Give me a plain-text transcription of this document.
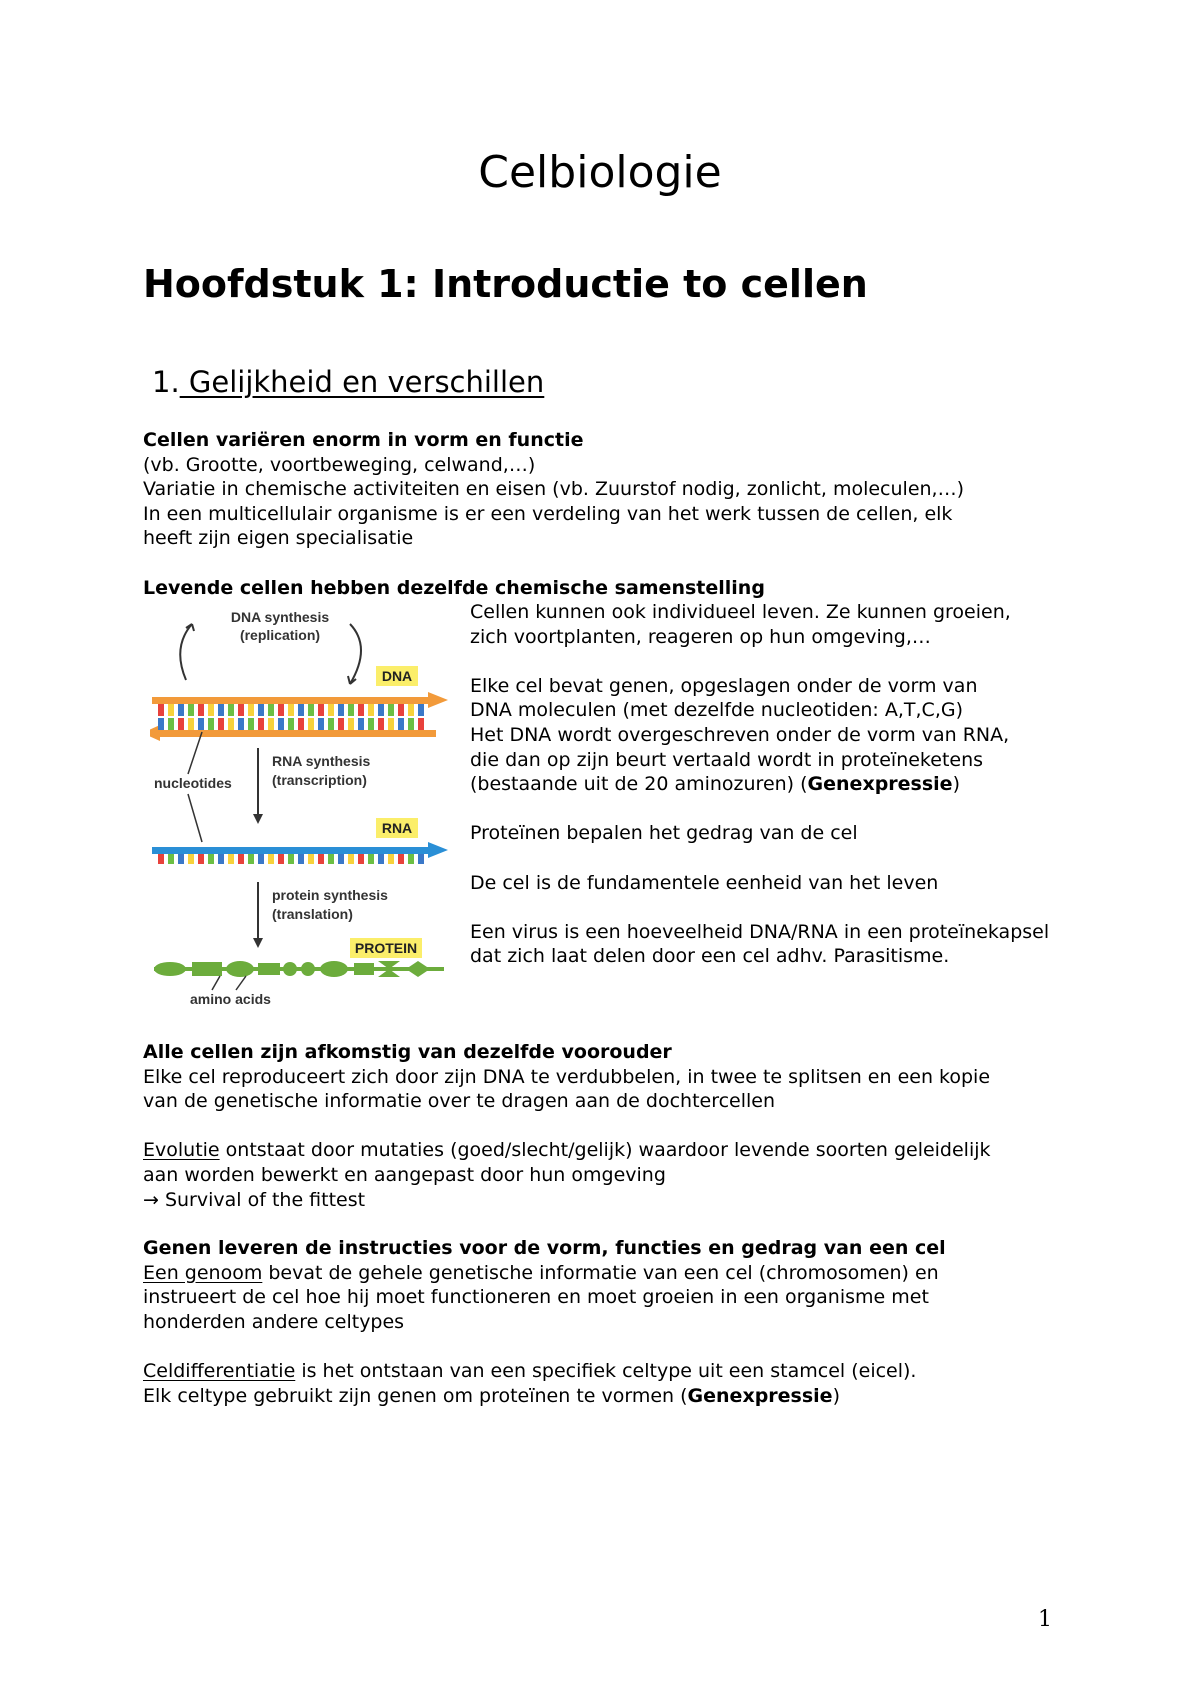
Celbiologie
Hoofdstuk 1: Introductie to cellen
1. Gelijkheid en verschillen

Cellen variëren enorm in vorm en functie

(vb. Grootte, voortbeweging, celwand,…)

Variatie in chemische activiteiten en eisen (vb. Zuurstof nodig, zonlicht, moleculen,…)

In een multicellulair organisme is er een verdeling van het werk tussen de cellen, elk

heeft zijn eigen specialisatie

Levende cellen hebben dezelfde chemische samenstelling

DNA synthesis
(replication)
DNA
nucleotides
RNA synthesis
(transcription)
RNA
protein synthesis
(translation)
PROTEIN
amino acids

Cellen kunnen ook individueel leven. Ze kunnen groeien,

zich voortplanten, reageren op hun omgeving,…

Elke cel bevat genen, opgeslagen onder de vorm van

DNA moleculen (met dezelfde nucleotiden: A,T,C,G)

Het DNA wordt overgeschreven onder de vorm van RNA,

die dan op zijn beurt vertaald wordt in proteïneketens

(bestaande uit de 20 aminozuren) (Genexpressie)

Proteïnen bepalen het gedrag van de cel

De cel is de fundamentele eenheid van het leven

Een virus is een hoeveelheid DNA/RNA in een proteïnekapsel

dat zich laat delen door een cel adhv. Parasitisme.

Alle cellen zijn afkomstig van dezelfde voorouder

Elke cel reproduceert zich door zijn DNA te verdubbelen, in twee te splitsen en een kopie

van de genetische informatie over te dragen aan de dochtercellen

Evolutie ontstaat door mutaties (goed/slecht/gelijk) waardoor levende soorten geleidelijk

aan worden bewerkt en aangepast door hun omgeving

→ Survival of the fittest

Genen leveren de instructies voor de vorm, functies en gedrag van een cel

Een genoom bevat de gehele genetische informatie van een cel (chromosomen) en

instrueert de cel hoe hij moet functioneren en moet groeien in een organisme met

honderden andere celtypes

Celdifferentiatie is het ontstaan van een specifiek celtype uit een stamcel (eicel).

Elk celtype gebruikt zijn genen om proteïnen te vormen (Genexpressie)

1
